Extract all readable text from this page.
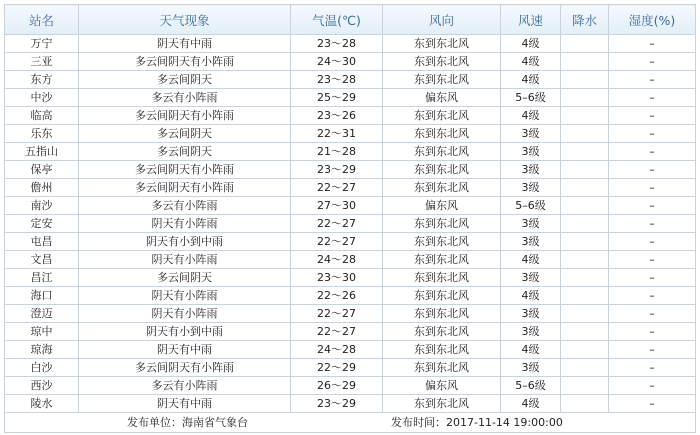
站名	天气现象	气温(℃)	风向	风速	降水	湿度(%)
万宁	阴天有中雨	23～28	东到东北风	4级		–
三亚	多云间阴天有小阵雨	24～30	东到东北风	4级		–
东方	多云间阴天	23～28	东到东北风	4级		–
中沙	多云有小阵雨	25～29	偏东风	5–6级		–
临高	多云间阴天有小阵雨	23～26	东到东北风	4级		–
乐东	多云间阴天	22～31	东到东北风	3级		–
五指山	多云间阴天	21～28	东到东北风	3级		–
保亭	多云间阴天有小阵雨	23～29	东到东北风	3级		–
儋州	多云间阴天有小阵雨	22～27	东到东北风	3级		–
南沙	多云有小阵雨	27～30	偏东风	5–6级		–
定安	阴天有小阵雨	22～27	东到东北风	3级		–
屯昌	阴天有小到中雨	22～27	东到东北风	3级		–
文昌	阴天有小阵雨	24～28	东到东北风	4级		–
昌江	多云间阴天	23～30	东到东北风	3级		–
海口	阴天有小阵雨	22～26	东到东北风	4级		–
澄迈	阴天有小阵雨	22～27	东到东北风	3级		–
琼中	阴天有小到中雨	22～27	东到东北风	3级		–
琼海	阴天有中雨	24～28	东到东北风	4级		–
白沙	多云间阴天有小阵雨	22～29	东到东北风	3级		–
西沙	多云有小阵雨	26～29	偏东风	5–6级		–
陵水	阴天有中雨	23～29	东到东北风	4级		–

发布单位：海南省气象台 发布时间：2017-11-14 19:00:00						
